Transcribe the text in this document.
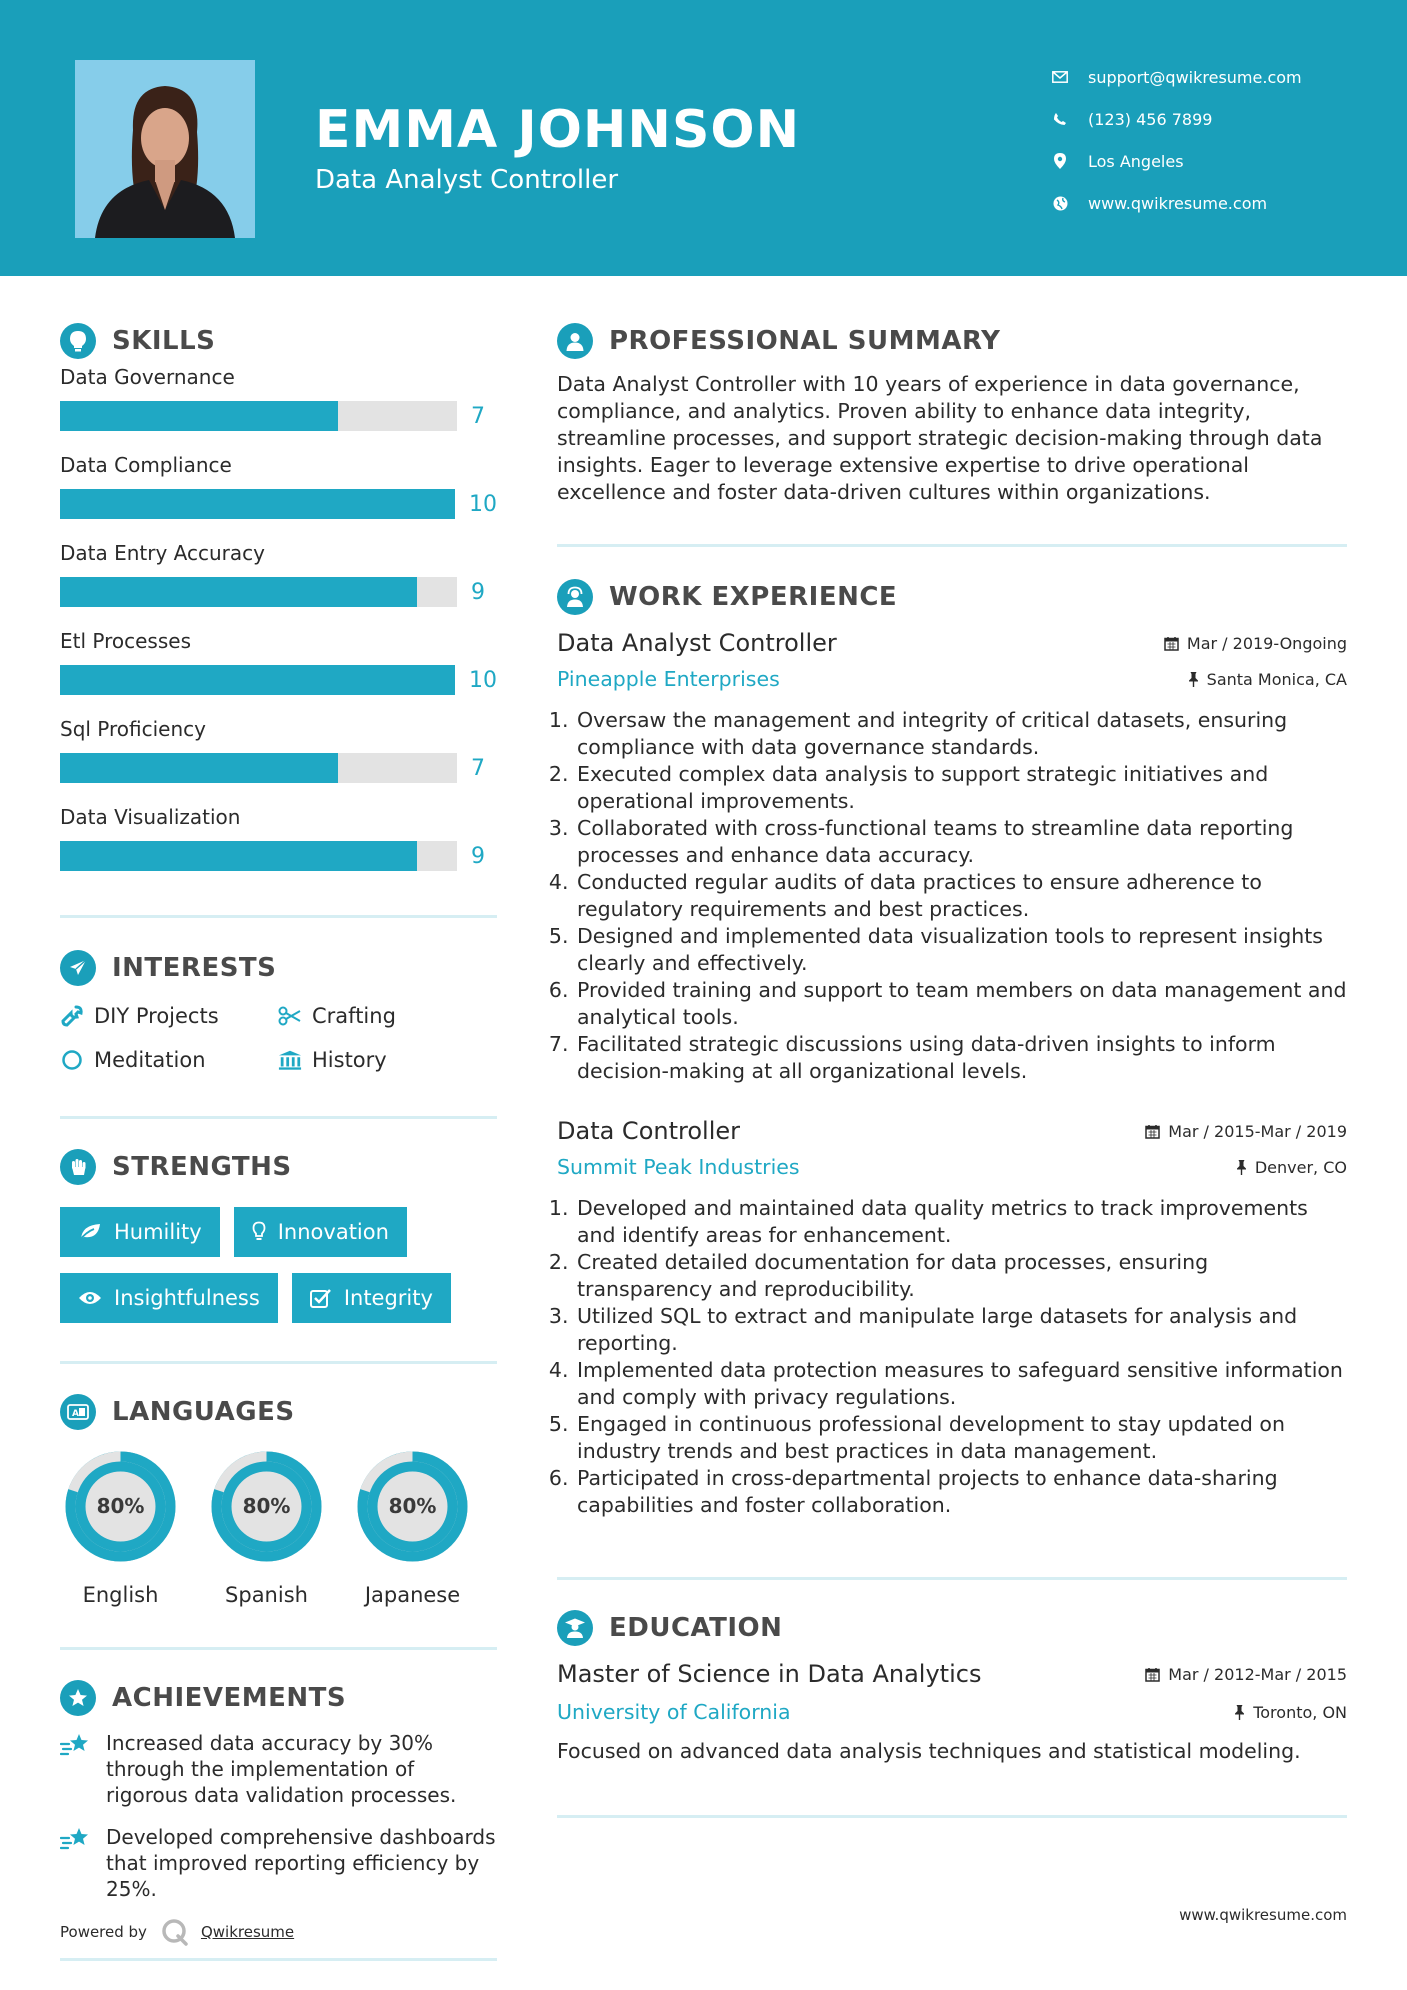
EMMA JOHNSON
Data Analyst Controller
support@qwikresume.com
(123) 456 7899
Los Angeles
www.qwikresume.com
SKILLS
Data Governance
7
Data Compliance
10
Data Entry Accuracy
9
Etl Processes
10
Sql Proficiency
7
Data Visualization
9
INTERESTS
DIY Projects	Crafting
Meditation	History
STRENGTHS
Humility	Innovation
Insightfulness	Integrity
A LANGUAGES
80%
English
80%
Spanish
80%
Japanese
ACHIEVEMENTS
Increased data accuracy by 30% through the implementation of rigorous data validation processes.
Developed comprehensive dashboards that improved reporting efficiency by 25%.
Powered by	Qwikresume
PROFESSIONAL SUMMARY

Data Analyst Controller with 10 years of experience in data governance, compliance, and analytics. Proven ability to enhance data integrity, streamline processes, and support strategic decision-making through data insights. Eager to leverage extensive expertise to drive operational excellence and foster data-driven cultures within organizations.

WORK EXPERIENCE
Data Analyst Controller	Mar / 2019-Ongoing
Pineapple Enterprises	Santa Monica, CA
1. Oversaw the management and integrity of critical datasets, ensuring compliance with data governance standards.
2. Executed complex data analysis to support strategic initiatives and operational improvements.
3. Collaborated with cross-functional teams to streamline data reporting processes and enhance data accuracy.
4. Conducted regular audits of data practices to ensure adherence to regulatory requirements and best practices.
5. Designed and implemented data visualization tools to represent insights clearly and effectively.
6. Provided training and support to team members on data management and analytical tools.
7. Facilitated strategic discussions using data-driven insights to inform decision-making at all organizational levels.
Data Controller	Mar / 2015-Mar / 2019
Summit Peak Industries	Denver, CO
1. Developed and maintained data quality metrics to track improvements and identify areas for enhancement.
2. Created detailed documentation for data processes, ensuring transparency and reproducibility.
3. Utilized SQL to extract and manipulate large datasets for analysis and reporting.
4. Implemented data protection measures to safeguard sensitive information and comply with privacy regulations.
5. Engaged in continuous professional development to stay updated on industry trends and best practices in data management.
6. Participated in cross-departmental projects to enhance data-sharing capabilities and foster collaboration.
EDUCATION
Master of Science in Data Analytics	Mar / 2012-Mar / 2015
University of California	Toronto, ON

Focused on advanced data analysis techniques and statistical modeling.

www.qwikresume.com
